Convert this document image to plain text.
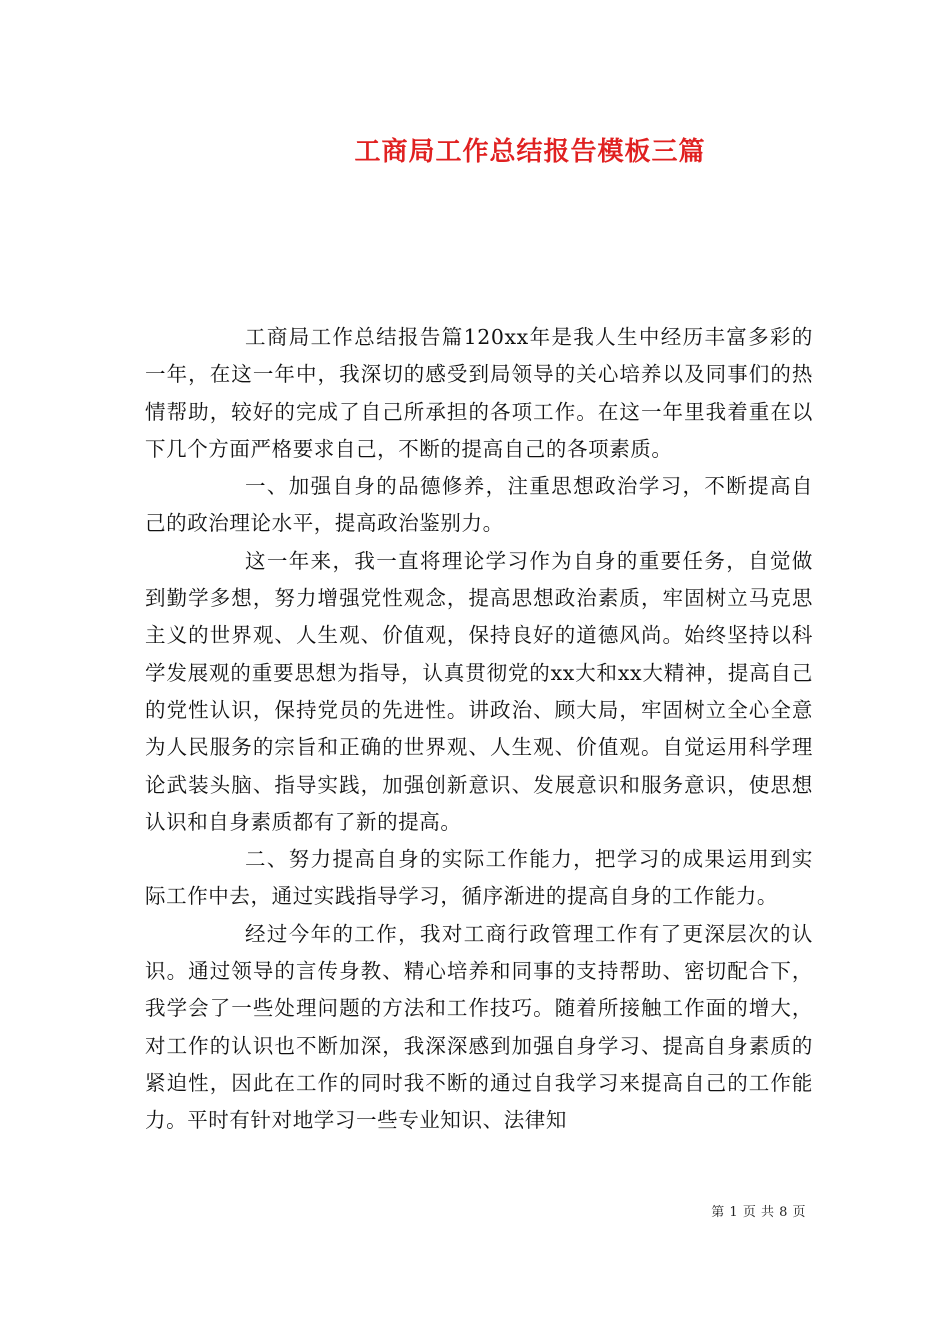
工商局工作总结报告模板三篇

工商局工作总结报告篇120xx年是我人生中经历丰富多彩的一年，在这一年中，我深切的感受到局领导的关心培养以及同事们的热情帮助，较好的完成了自己所承担的各项工作。在这一年里我着重在以下几个方面严格要求自己，不断的提高自己的各项素质。

一、加强自身的品德修养，注重思想政治学习，不断提高自己的政治理论水平，提高政治鉴别力。

这一年来，我一直将理论学习作为自身的重要任务，自觉做到勤学多想，努力增强党性观念，提高思想政治素质，牢固树立马克思主义的世界观、人生观、价值观，保持良好的道德风尚。始终坚持以科学发展观的重要思想为指导，认真贯彻党的xx大和xx大精神，提高自己的党性认识，保持党员的先进性。讲政治、顾大局，牢固树立全心全意为人民服务的宗旨和正确的世界观、人生观、价值观。自觉运用科学理论武装头脑、指导实践，加强创新意识、发展意识和服务意识，使思想认识和自身素质都有了新的提高。

二、努力提高自身的实际工作能力，把学习的成果运用到实际工作中去，通过实践指导学习，循序渐进的提高自身的工作能力。

经过今年的工作，我对工商行政管理工作有了更深层次的认识。通过领导的言传身教、精心培养和同事的支持帮助、密切配合下，我学会了一些处理问题的方法和工作技巧。随着所接触工作面的增大，对工作的认识也不断加深，我深深感到加强自身学习、提高自身素质的紧迫性，因此在工作的同时我不断的通过自我学习来提高自己的工作能力。平时有针对地学习一些专业知识、法律知

第 1 页 共 8 页
